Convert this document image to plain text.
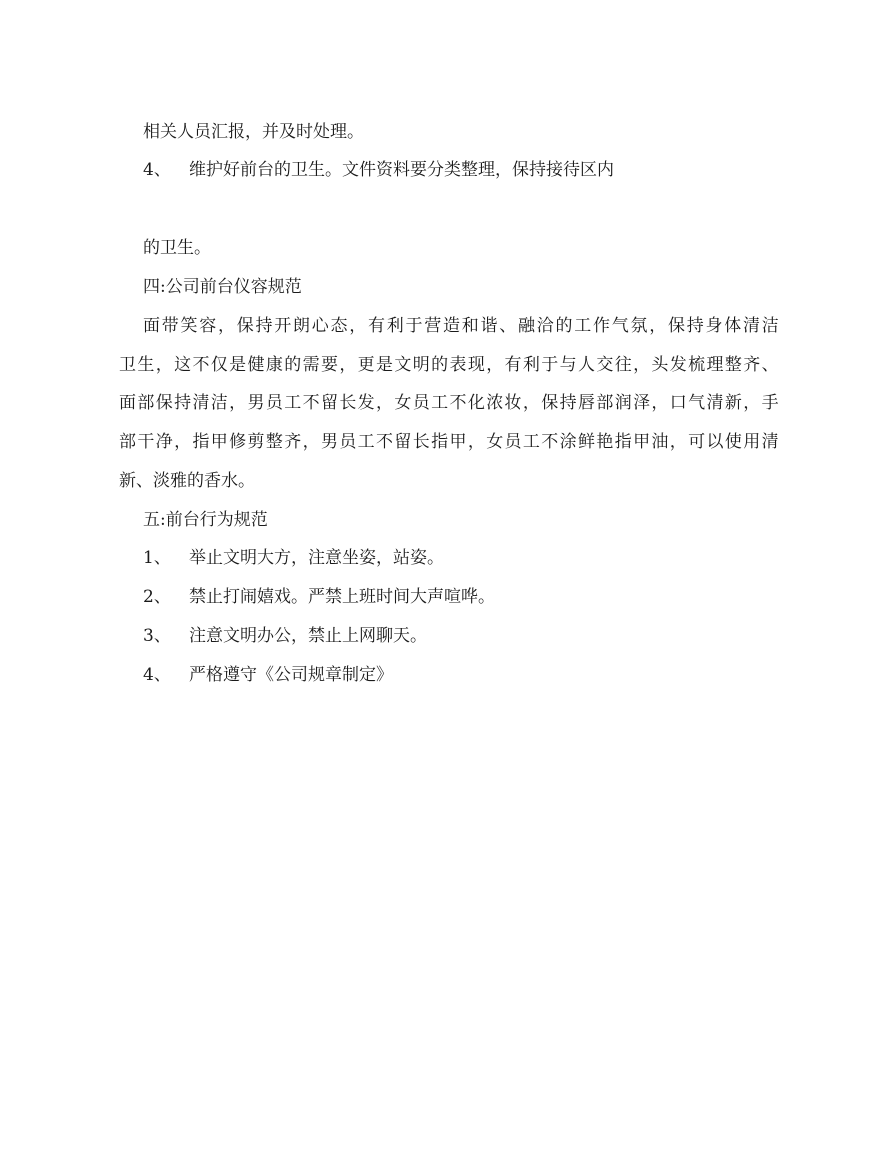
相关人员汇报，并及时处理。
4、 维护好前台的卫生。文件资料要分类整理，保持接待区内
的卫生。
四:公司前台仪容规范
面 带 笑 容 ， 保 持 开 朗 心 态 ， 有 利 于 营 造 和 谐 、 融 洽 的 工 作 气 氛 ， 保 持 身 体 清 洁
卫 生 ， 这 不 仅 是 健 康 的 需 要 ， 更 是 文 明 的 表 现 ， 有 利 于 与 人 交 往 ， 头 发 梳 理 整 齐 、
面 部 保 持 清 洁 ， 男 员 工 不 留 长 发 ， 女 员 工 不 化 浓 妆 ， 保 持 唇 部 润 泽 ， 口 气 清 新 ， 手
部 干 净 ， 指 甲 修 剪 整 齐 ， 男 员 工 不 留 长 指 甲 ， 女 员 工 不 涂 鲜 艳 指 甲 油 ， 可 以 使 用 清
新、淡雅的香水。
五:前台行为规范
1、 举止文明大方，注意坐姿，站姿。
2、 禁止打闹嬉戏。严禁上班时间大声喧哗。
3、 注意文明办公，禁止上网聊天。
4、 严格遵守《公司规章制定》
